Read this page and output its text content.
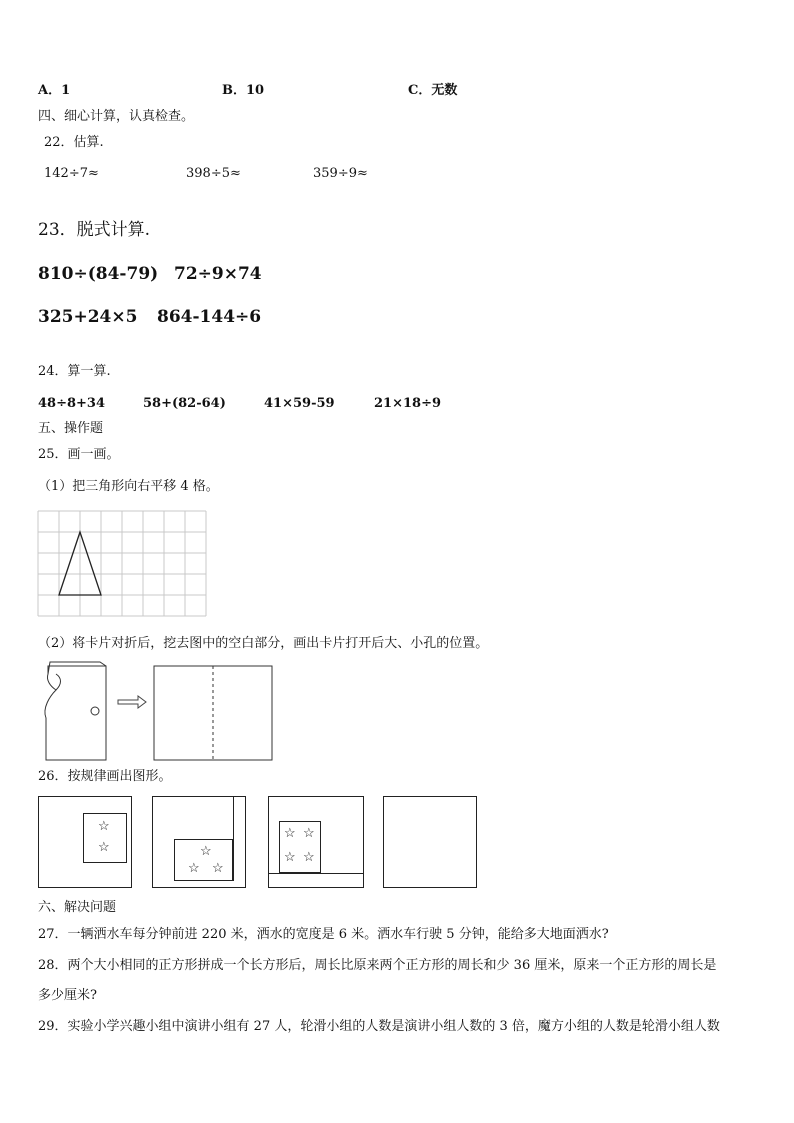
A．1	B．10	C．无数
四、细心计算，认真检查。
22．估算.
142÷7≈	398÷5≈	359÷9≈
23．脱式计算.
810÷(84-79) 72÷9×74
325+24×5 864-144÷6
24．算一算.
48÷8+34	58+(82-64)	41×59-59	21×18÷9
五、操作题
25．画一画。
（1）把三角形向右平移 4 格。
（2）将卡片对折后，挖去图中的空白部分，画出卡片打开后大、小孔的位置。
26．按规律画出图形。
☆
☆	☆
☆ ☆
☆ ☆
☆ ☆
六、解决问题
27．一辆洒水车每分钟前进 220 米，洒水的宽度是 6 米。洒水车行驶 5 分钟，能给多大地面洒水?
28．两个大小相同的正方形拼成一个长方形后，周长比原来两个正方形的周长和少 36 厘米，原来一个正方形的周长是
多少厘米?
29．实验小学兴趣小组中演讲小组有 27 人，轮滑小组的人数是演讲小组人数的 3 倍，魔方小组的人数是轮滑小组人数
